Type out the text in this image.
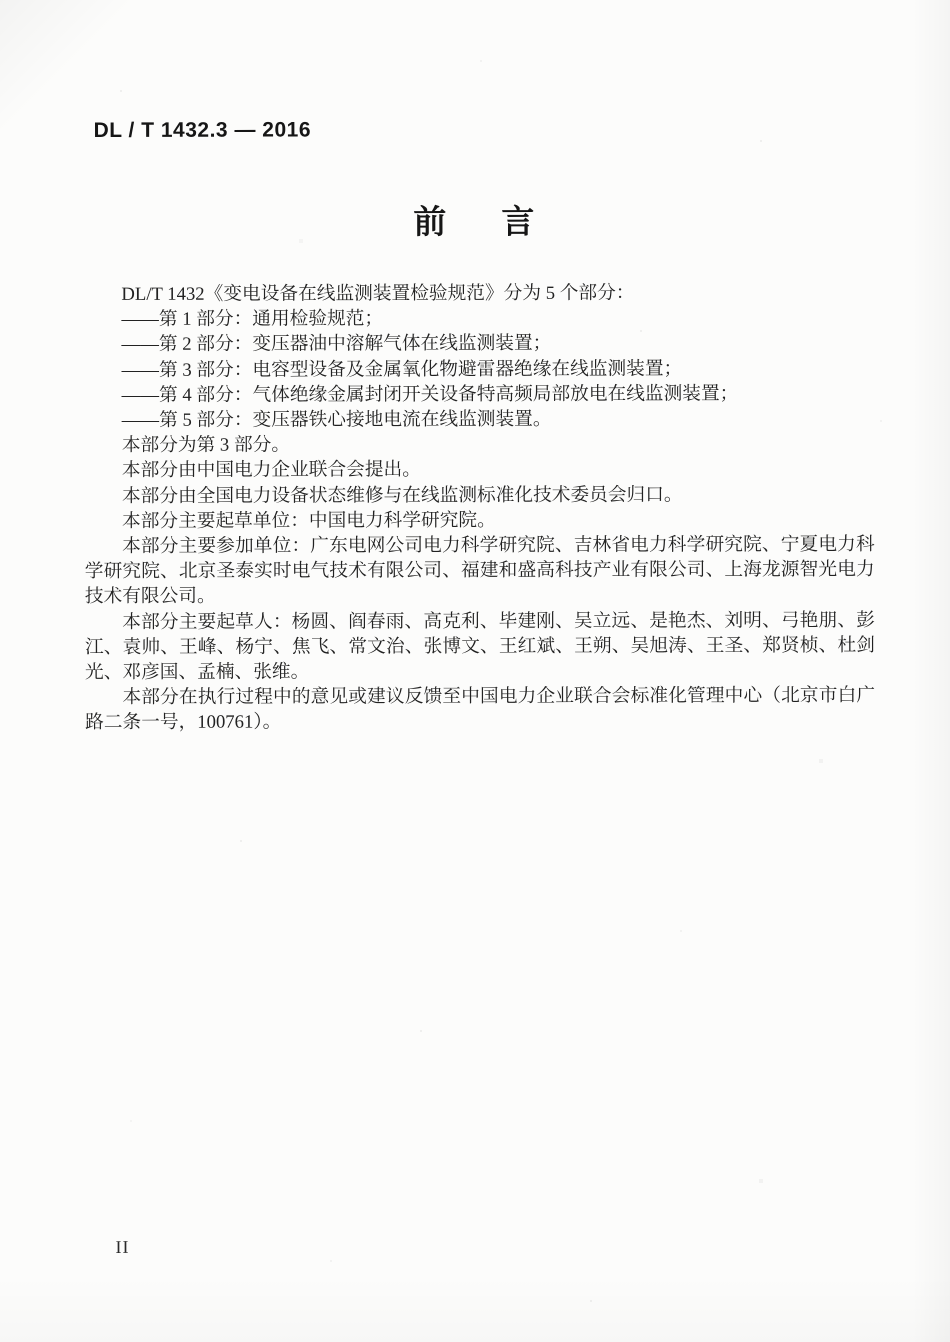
DL / T 1432.3 — 2016
前言

DL/T 1432《变电设备在线监测装置检验规范》分为 5 个部分：

——第 1 部分：通用检验规范；

——第 2 部分：变压器油中溶解气体在线监测装置；

——第 3 部分：电容型设备及金属氧化物避雷器绝缘在线监测装置；

——第 4 部分：气体绝缘金属封闭开关设备特高频局部放电在线监测装置；

——第 5 部分：变压器铁心接地电流在线监测装置。

本部分为第 3 部分。

本部分由中国电力企业联合会提出。

本部分由全国电力设备状态维修与在线监测标准化技术委员会归口。

本部分主要起草单位：中国电力科学研究院。

本部分主要参加单位：广东电网公司电力科学研究院、吉林省电力科学研究院、宁夏电力科学研究院、北京圣泰实时电气技术有限公司、福建和盛高科技产业有限公司、上海龙源智光电力技术有限公司。

本部分主要起草人：杨圆、阎春雨、高克利、毕建刚、吴立远、是艳杰、刘明、弓艳朋、彭江、袁帅、王峰、杨宁、焦飞、常文治、张博文、王红斌、王朔、吴旭涛、王圣、郑贤桢、杜剑光、邓彦国、孟楠、张维。

本部分在执行过程中的意见或建议反馈至中国电力企业联合会标准化管理中心（北京市白广路二条一号，100761）。

II
